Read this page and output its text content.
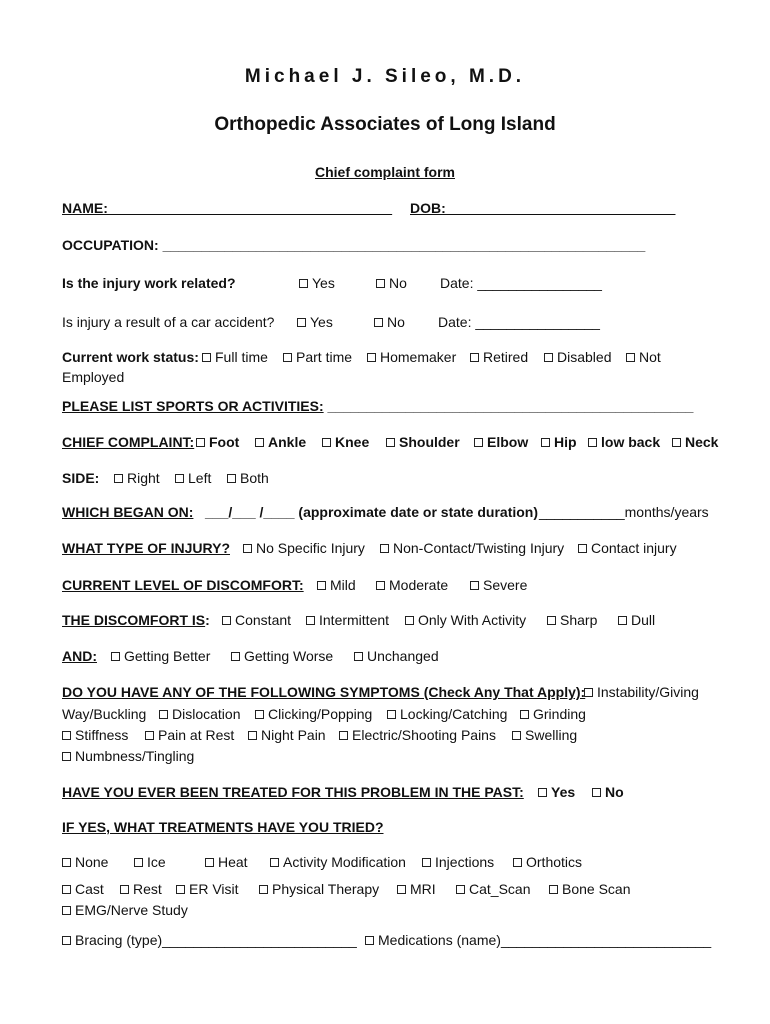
Michael J. Sileo, M.D.
Orthopedic Associates of Long Island
Chief complaint form
NAME: ____________________________________ DOB: _____________________________
OCCUPATION: ______________________________________________________________
Is the injury work related?	Yes	No Date: ________________
Is injury a result of a car accident?	Yes	No Date: ________________
Current work status:	Full time	Part time	Homemaker	Retired	Disabled	Not
Employed
PLEASE LIST SPORTS OR ACTIVITIES: _______________________________________________
CHIEF COMPLAINT:	Foot	Ankle	Knee	Shoulder	Elbow	Hip	low back	Neck
SIDE:	Right	Left	Both
WHICH BEGAN ON: ___/___ /____ (approximate date or state duration) ___________months/years
WHAT TYPE OF INJURY?	No Specific Injury	Non-Contact/Twisting Injury	Contact injury
CURRENT LEVEL OF DISCOMFORT:	Mild	Moderate	Severe
THE DISCOMFORT IS:	Constant	Intermittent	Only With Activity	Sharp	Dull
AND:	Getting Better	Getting Worse	Unchanged
DO YOU HAVE ANY OF THE FOLLOWING SYMPTOMS (Check Any That Apply): Instability/Giving
Way/Buckling	Dislocation	Clicking/Popping	Locking/Catching	Grinding
Stiffness	Pain at Rest	Night Pain	Electric/Shooting Pains	Swelling
Numbness/Tingling
HAVE YOU EVER BEEN TREATED FOR THIS PROBLEM IN THE PAST:	Yes	No
IF YES, WHAT TREATMENTS HAVE YOU TRIED?
None	Ice	Heat	Activity Modification	Injections	Orthotics
Cast	Rest	ER Visit	Physical Therapy	MRI	Cat_Scan	Bone Scan
EMG/Nerve Study
Bracing (type)_________________________	Medications (name)___________________________
